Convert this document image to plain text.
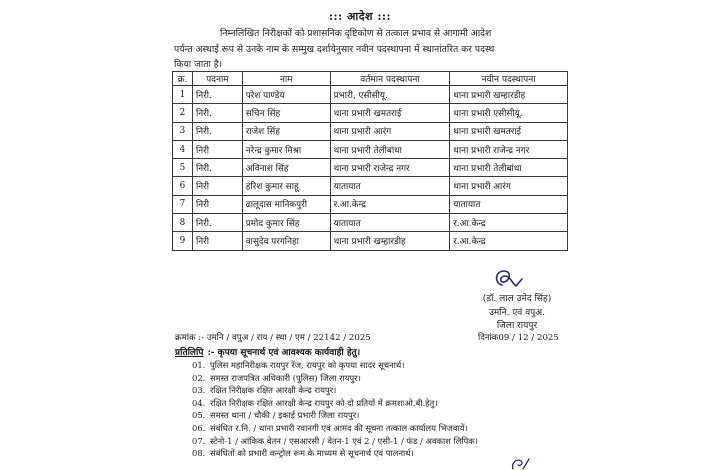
::: आदेश :::
निम्नलिखित निरीक्षकों को प्रशासनिक दृष्टिकोण से तत्काल प्रभाव से आगामी आदेश
पर्यन्त अस्थाई रूप से उनके नाम के सम्मुख दर्शायेनुसार नवीन पदस्थापना में स्थानांतरित कर पदस्थ
किया जाता है।
क्र.	पदनाम	नाम	वर्तमान पदस्थापना	नवीन पदस्थापना
1	निरी.	परेश पाण्डेय	प्रभारी, एसीसीयू.	थाना प्रभारी खम्हारडीह
2	निरी.	सचिन सिंह	थाना प्रभारी खमतराई	थाना प्रभारी एसीसीयू.
3	निरी.	राजेश सिंह	थाना प्रभारी आरंग	थाना प्रभारी खमतराई
4	निरी	नरेन्द्र कुमार मिश्रा	थाना प्रभारी तेलीबांधा	थाना प्रभारी राजेन्द्र नगर
5	निरी.	अविनाश सिंह	थाना प्रभारी राजेन्द्र नगर	थाना प्रभारी तेलीबांधा
6	निरी	हरिश कुमार साहू	यातायात	थाना प्रभारी आरंग
7	निरी	ढालूदास मानिकपुरी	र.आ.केन्द्र	यातायात
8	निरी.	प्रमोद कुमार सिंह	यातायात	र.आ.केन्द्र
9	निरी	वासुदेव परगनिहा	थाना प्रभारी खम्हारडीह	र.आ.केन्द्र
(डॉ. लाल उमेद सिंह)
उमनि. एवं वपुअ.
जिला रायपुर
क्रमांक :- उमनि / वपुअ / राय / स्था / एम / 22142 / 2025	दिनांक09 / 12 / 2025
प्रतिलिपि :- कृपया सूचनार्थ एवं आवश्यक कार्यवाही हेतु।
01. पुलिस महानिरीक्षक रायपुर रेंज, रायपुर को कृपया सादर सूचनार्थ।
02. समस्त राजपत्रित अधिकारी (पुलिस) जिला रायपुर।
03. रक्षित निरीक्षक रक्षित आरक्षी केन्द्र रायपुर।
04. रक्षित निरीक्षक रक्षित आरक्षी केन्द्र रायपुर को दो प्रतियों में क्रमशःओ.बी.हेतु।
05. समस्त थाना / चौकी / इकाई प्रभारी जिला रायपुर।
06. संबंधित र.नि. / थाना प्रभारी रवानगी एवं आमद की सूचना तत्काल कार्यालय भिजवायें।
07. स्टेनो-1 / आंकिक वेतन / एसआरसी / वेतन-1 एवं 2 / एसी-1 / फंड / अवकाश लिपिक।
08. संबंधितों को प्रभारी कन्ट्रोल रूम के माध्यम से सूचनार्थ एवं पालनार्थ।
